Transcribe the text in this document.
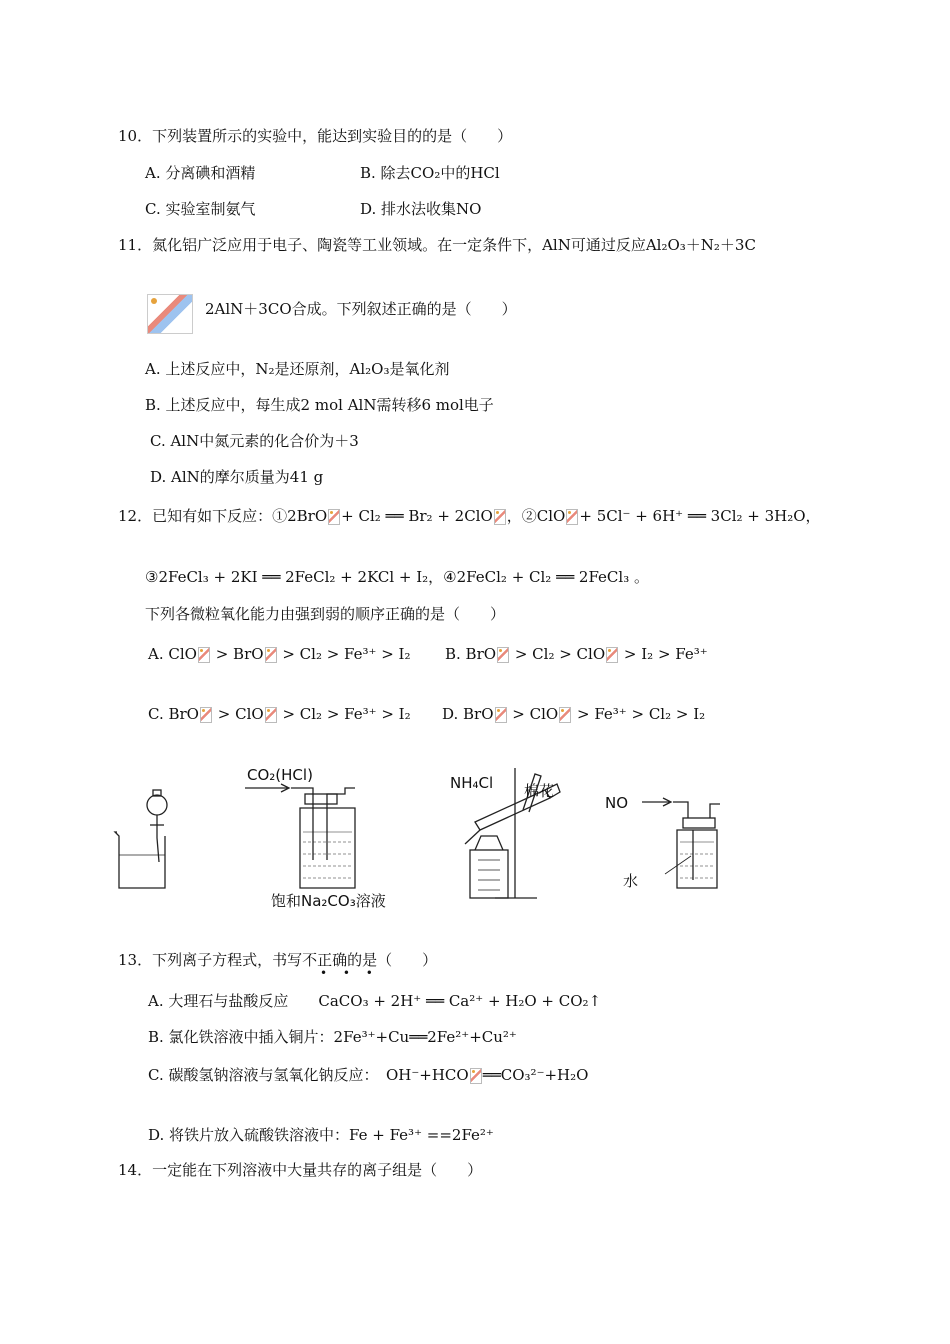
10．下列装置所示的实验中，能达到实验目的的是（　　）
A. 分离碘和酒精	B. 除去CO₂中的HCl
C. 实验室制氨气	D. 排水法收集NO
11．氮化铝广泛应用于电子、陶瓷等工业领域。在一定条件下，AlN可通过反应Al₂O₃＋N₂＋3C
2AlN＋3CO合成。下列叙述正确的是（　　）
A. 上述反应中，N₂是还原剂，Al₂O₃是氧化剂
B. 上述反应中，每生成2 mol AlN需转移6 mol电子
C. AlN中氮元素的化合价为＋3
D. AlN的摩尔质量为41 g
12．已知有如下反应：①2BrO + Cl₂ ══ Br₂ + 2ClO ，②ClO + 5Cl⁻ + 6H⁺ ══ 3Cl₂ + 3H₂O，
③2FeCl₃ + 2KI ══ 2FeCl₂ + 2KCl + I₂，④2FeCl₂ + Cl₂ ══ 2FeCl₃ 。
下列各微粒氧化能力由强到弱的顺序正确的是（　　）
A. ClO > BrO > Cl₂ > Fe³⁺ > I₂ B. BrO > Cl₂ > ClO > I₂ > Fe³⁺
C. BrO > ClO > Cl₂ > Fe³⁺ > I₂ D. BrO > ClO > Fe³⁺ > Cl₂ > I₂
CO₂(HCl)
饱和Na₂CO₃溶液
NH₄Cl 棉花
NO
水
13．下列离子方程式，书写不正确的是（　　）
• • •
A. 大理石与盐酸反应　　CaCO₃ + 2H⁺ ══ Ca²⁺ + H₂O + CO₂↑
B. 氯化铁溶液中插入铜片：2Fe³⁺+Cu══2Fe²⁺+Cu²⁺
C. 碳酸氢钠溶液与氢氧化钠反应：　OH⁻+HCO ══CO₃²⁻+H₂O
D. 将铁片放入硫酸铁溶液中：Fe + Fe³⁺ ==2Fe²⁺
14．一定能在下列溶液中大量共存的离子组是（　　）
